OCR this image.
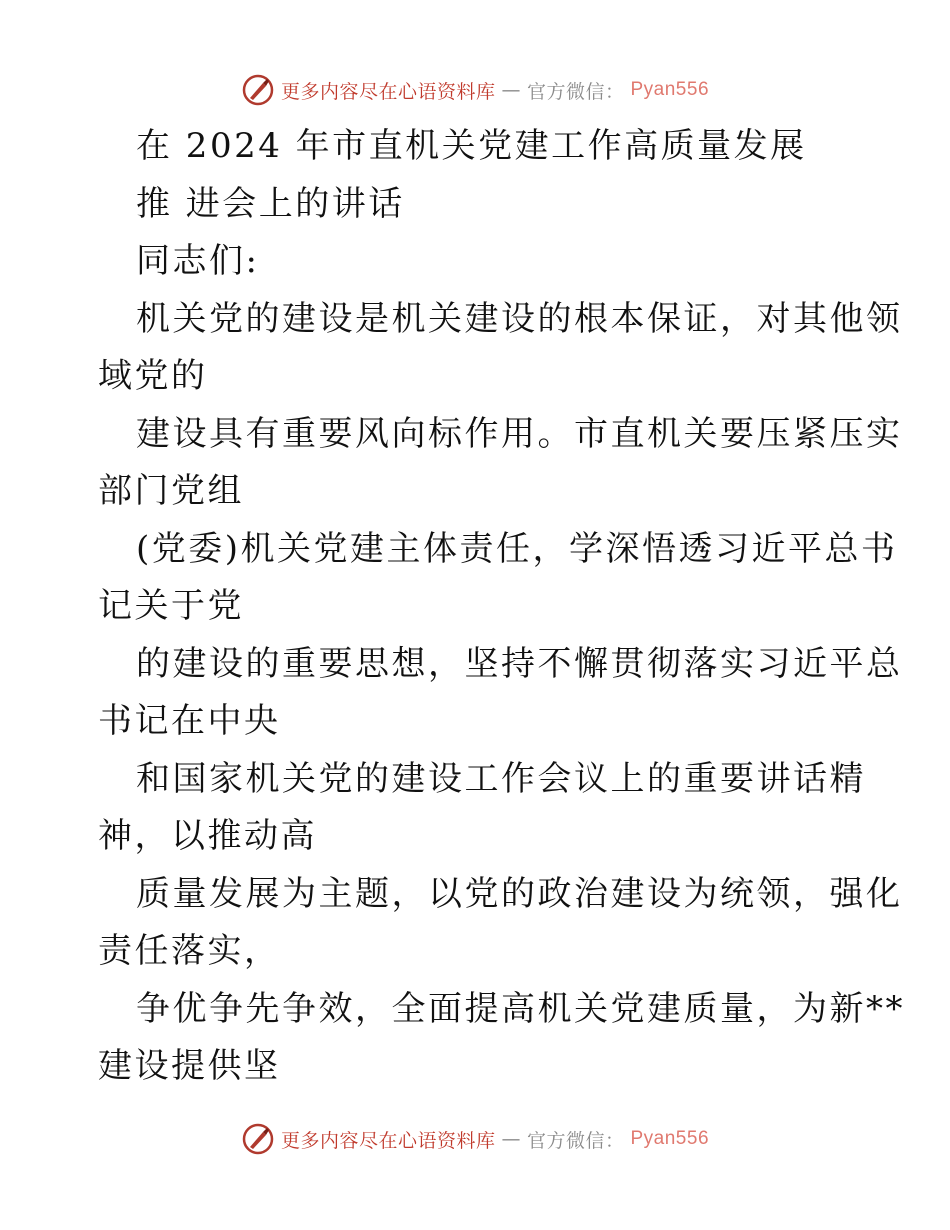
更多内容尽在心语资料库 — 官方微信： Pyan556
在 2024 年市直机关党建工作高质量发展
推 进会上的讲话
同志们:
机关党的建设是机关建设的根本保证，对其他领
域党的
建设具有重要风向标作用。市直机关要压紧压实
部门党组
(党委)机关党建主体责任，学深悟透习近平总书
记关于党
的建设的重要思想，坚持不懈贯彻落实习近平总
书记在中央
和国家机关党的建设工作会议上的重要讲话精
神，以推动高
质量发展为主题，以党的政治建设为统领，强化
责任落实，
争优争先争效，全面提高机关党建质量，为新**
建设提供坚
更多内容尽在心语资料库 — 官方微信： Pyan556
